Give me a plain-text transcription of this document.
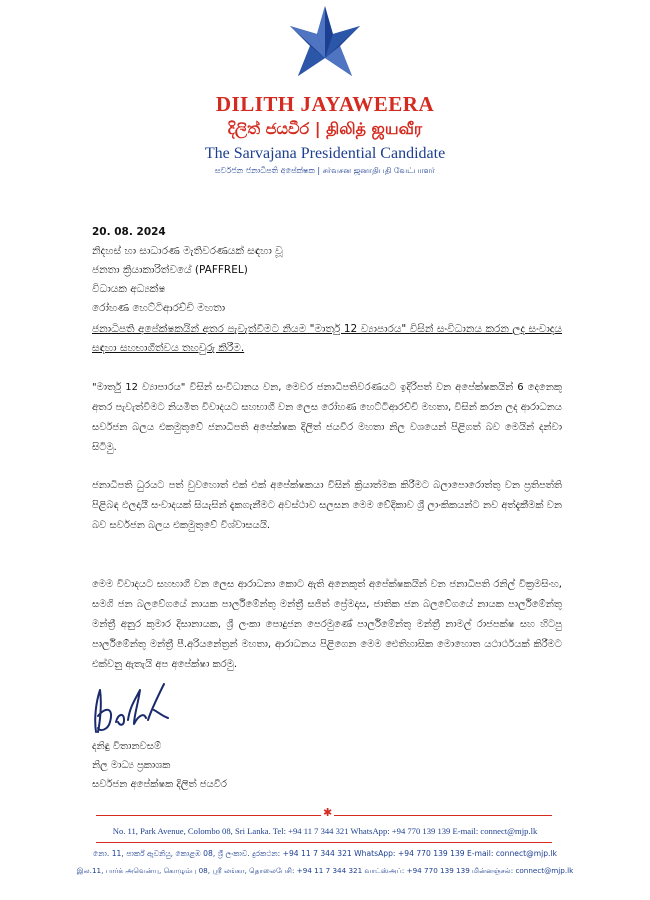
DILITH JAYAWEERA
දිලිත් ජයවීර | திலித் ஜயவீர
The Sarvajana Presidential Candidate
සර්වජන ජනාධිපති අපේක්ෂක | சர்வசன ஜனாதிபதி வேட்பாளர்
20. 08. 2024
නිදහස් හා සාධාරණ මැතිවරණයක් සඳහා වූ
ජනතා ක්‍රියාකාරිත්වයේ (PAFFREL)
විධායක අධ්‍යක්ෂ
රෝහණ හෙට්ටිආරච්චි මහතා
ජනාධිපති අපේක්ෂකයින් අතර පැවැත්වීමට නියම "මාර්තු 12 ව්‍යාපාරය" විසින් සංවිධානය කරන ලද සංවාදය සඳහා සහභාගීත්වය තහවුරු කිරීම.

"මාර්තු 12 ව්‍යාපාරය" විසින් සංවිධානය වන, මෙවර ජනාධිපතිවරණයට ඉදිරිපත් වන අපේක්ෂකයින් 6 දෙනෙකු අතර පැවැත්වීමට නියමිත විවාදයට සහභාගී වන ලෙස රෝහණ හෙට්ටිආරච්චි මහතා, විසින් කරන ලද ආරාධනය සර්වජන බලය එකමුතුවේ ජනාධිපති අපේක්ෂක දිලිත් ජයවීර මහතා නිල වශයෙන් පිළිගත් බව මෙයින් දන්වා සිටිමු.

ජනාධිපති ධුරයට පත් වුවහොත් එක් එක් අපේක්ෂකයා විසින් ක්‍රියාත්මක කිරීමට බලාපොරොත්තු වන ප්‍රතිපත්ති පිළිබඳ ඵලදායී සංවාදයක් සියැසින් දැකගැනීමට අවස්ථාව සලසන මෙම වේදිකාව ශ්‍රී ලාංකිකයන්ට නව අත්දැකීමක් වන බව සර්වජන බලය එකමුතුවේ විශ්වාසයයි.

මෙම විවාදයට සහභාගී වන ලෙස ආරාධනා කොට ඇති අනෙකුත් අපේක්ෂකයින් වන ජනාධිපති රනිල් වික්‍රමසිංහ, සමගි ජන බලවේගයේ නායක පාර්ලිමේන්තු මන්ත්‍රී සජිත් ප්‍රේමදාස, ජාතික ජන බලවේගයේ නායක පාර්ලිමේන්තු මන්ත්‍රී අනුර කුමාර දිසානායක, ශ්‍රී ලංකා පොදුජන පෙරමුණේ පාර්ලිමේන්තු මන්ත්‍රී නාමල් රාජපක්ෂ සහ හිටපු පාර්ලිමේන්තු මන්ත්‍රී පී.අරියනේත්‍රන් මහතා, ආරාධනය පිළිගෙන මෙම ඓතිහාසික මොහොත යථාර්ථයක් කිරීමට එක්වනු ඇතැයි අප අපේක්ෂා කරමු.

දනිඳු විතානවසම්
නිල මාධ්‍ය ප්‍රකාශක
සර්වජන අපේක්ෂක දිලිත් ජයවීර
✱
No. 11, Park Avenue, Colombo 08, Sri Lanka. Tel: +94 11 7 344 321 WhatsApp: +94 770 139 139 E-mail: connect@mjp.lk
නො. 11, පාර්ක් ඇවනියු, කොළඹ 08, ශ්‍රී ලංකාව. දුරකථන: +94 11 7 344 321 WhatsApp: +94 770 139 139 E-mail: connect@mjp.lk
இல.11, பார்க் அவென்யு, கொழும்பு 08, ஸ்ரீ லங்கா, தொலைபேசி: +94 11 7 344 321 வாட்ஸ்அப்: +94 770 139 139 மின்னஞ்சல்: connect@mjp.lk
